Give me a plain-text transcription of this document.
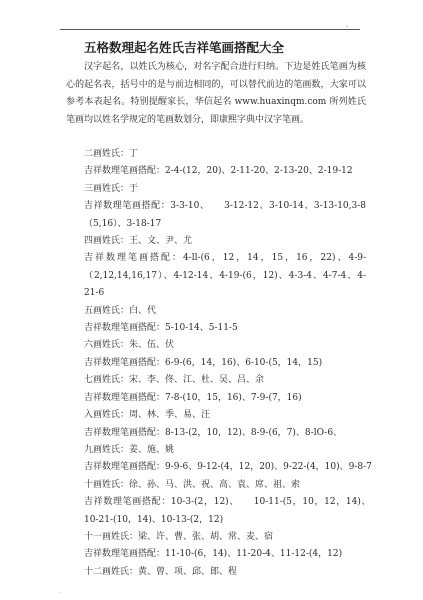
'
五格数理起名姓氏吉祥笔画搭配大全

汉字起名，以姓氏为核心，对名字配合进行归纳。下边是姓氏笔画为核心的起名表，括号中的是与前边相同的，可以替代前边的笔画数，大家可以参考本表起名。特别提醒家长，华信起名 www.huaxinqm.com 所列姓氏笔画均以姓名学规定的笔画数划分，即康熙字典中汉字笔画。

二画姓氏：丁
吉祥数理笔画搭配：2-4-(12，20)、2-11-20、2-13-20、2-19-12
三画姓氏：于
吉祥数理笔画搭配：3-3-10、　　3-12-12、3-10-14、3-13-10,3-8（5,16）、3-18-17
四画姓氏：王、文、尹、尤
吉祥数理笔画搭配：4-ll-(6，12，14，15，16，22)、4-9-（2,12,14,16,17）、4-12-14、4-19-(6，12)、4-3-4、4-7-4、4-21-6
五画姓氏：白、代
吉祥数理笔画搭配：5-10-14、5-11-5
六画姓氏：朱、伍、伏
吉祥数理笔画搭配：6-9-(6，14，16)、6-10-(5，14，15)
七画姓氏：宋、李、佟、江、杜、吴、吕、余
吉祥数理笔画搭配：7-8-(10，15，16)、7-9-(7，16)
入画姓氏：周、林、季、易、汪
吉祥数理笔画搭配：8-13-(2，10，12)、8-9-(6，7)、8-lO-6、
九画姓氏：姜、施、姚
吉祥数理笔画搭配：9-9-6、9-12-(4，12，20)、9-22-(4，10)、9-8-7
十画姓氏：徐、孙、马、洪、祝、高、袁、席、祖、索
吉祥数理笔画搭配：10-3-(2，12)、　　10-11-(5，10，12，14)、　　10-21-(10，14)、10-13-(2，12)
十一画姓氏：梁、许、曹、张、胡、常、麦、宿
吉祥数理笔画搭配：11-10-(6，14)、11-20-4、11-12-(4，12)
十二画姓氏：黄、曾、项、邱、郎、程
.
